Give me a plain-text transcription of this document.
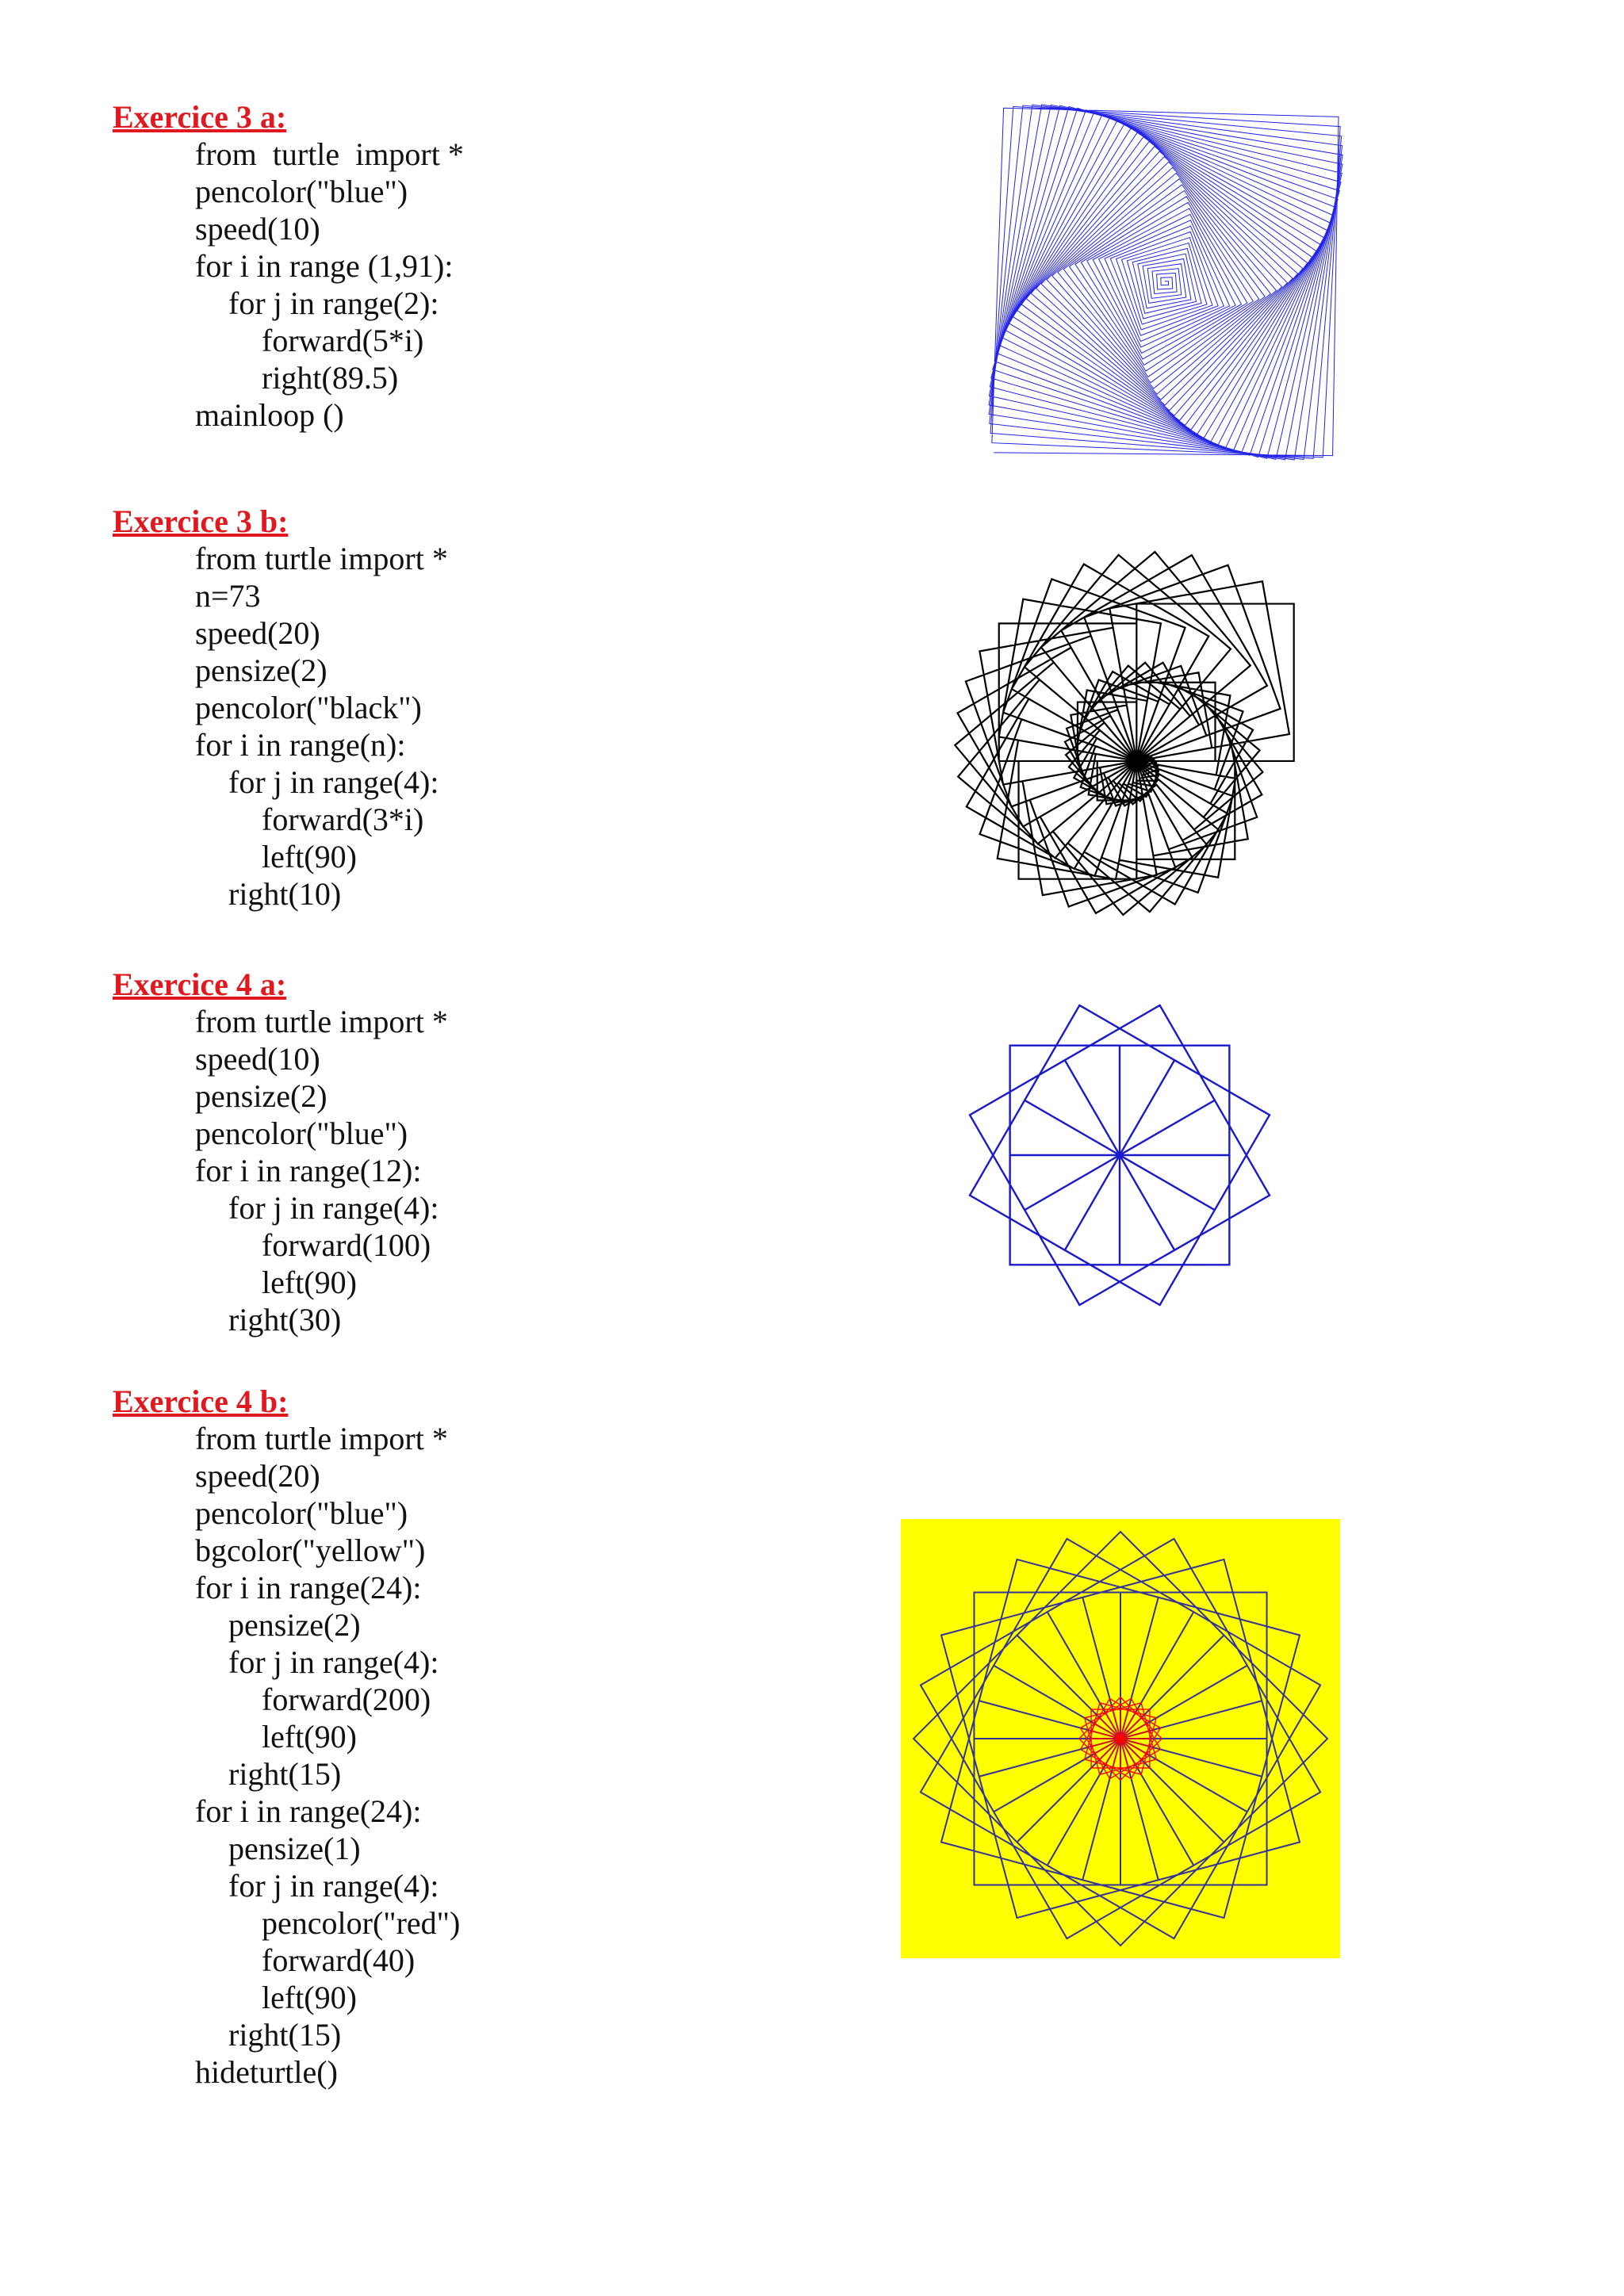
Exercice 3 a:
from  turtle  import *
pencolor("blue")
speed(10)
for i in range (1,91):
for j in range(2):
forward(5*i)
right(89.5)
mainloop ()
Exercice 3 b:
from turtle import *
n=73
speed(20)
pensize(2)
pencolor("black")
for i in range(n):
for j in range(4):
forward(3*i)
left(90)
right(10)
Exercice 4 a:
from turtle import *
speed(10)
pensize(2)
pencolor("blue")
for i in range(12):
for j in range(4):
forward(100)
left(90)
right(30)
Exercice 4 b:
from turtle import *
speed(20)
pencolor("blue")
bgcolor("yellow")
for i in range(24):
pensize(2)
for j in range(4):
forward(200)
left(90)
right(15)
for i in range(24):
pensize(1)
for j in range(4):
pencolor("red")
forward(40)
left(90)
right(15)
hideturtle()
